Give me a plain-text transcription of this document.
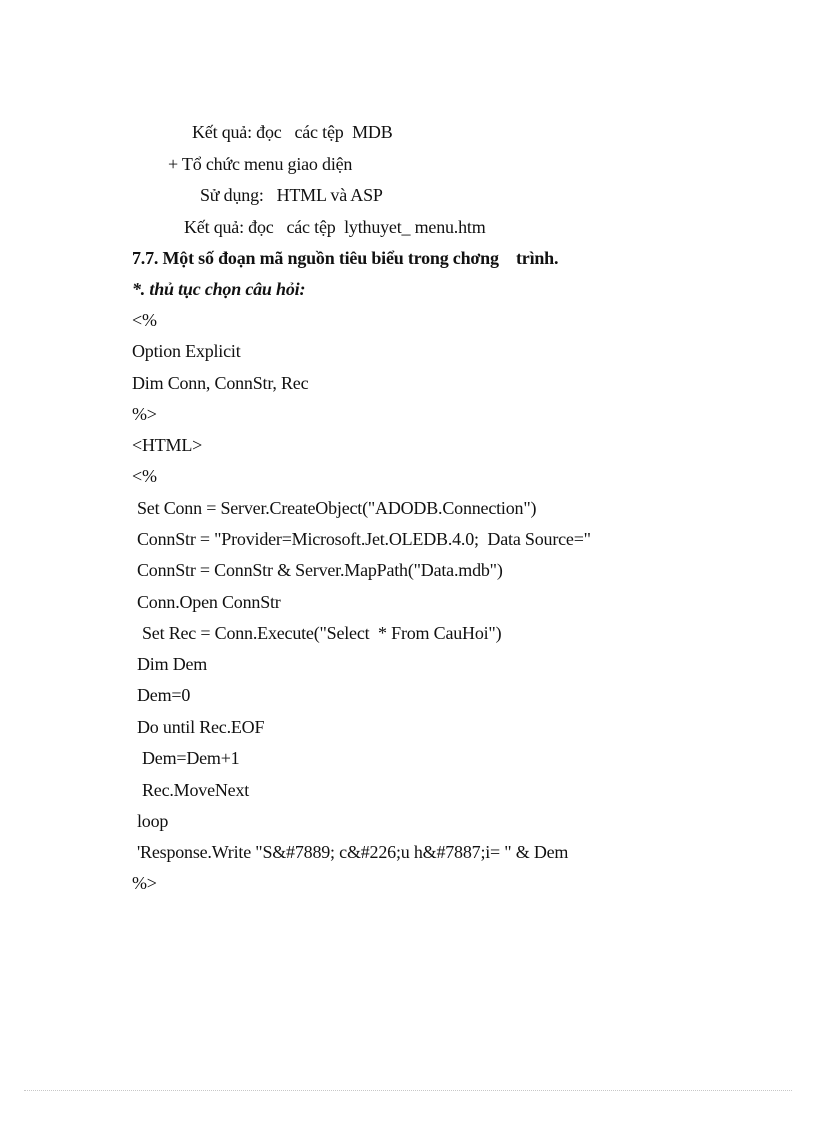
Kết quả: đọc   các tệp  MDB
+ Tổ chức menu giao diện
Sử dụng:   HTML và ASP
Kết quả: đọc   các tệp  lythuyet_ menu.htm
7.7. Một số đoạn mã nguồn tiêu biểu trong chơng    trình.
*. thủ tục chọn câu hỏi:
<%
Option Explicit
Dim Conn, ConnStr, Rec
%>
<HTML>
<%
Set Conn = Server.CreateObject("ADODB.Connection")
ConnStr = "Provider=Microsoft.Jet.OLEDB.4.0;  Data Source="
ConnStr = ConnStr & Server.MapPath("Data.mdb")
Conn.Open ConnStr
Set Rec = Conn.Execute("Select  * From CauHoi")
Dim Dem
Dem=0
Do until Rec.EOF
Dem=Dem+1
Rec.MoveNext
loop
'Response.Write "S&#7889; c&#226;u h&#7887;i= " & Dem
%>
